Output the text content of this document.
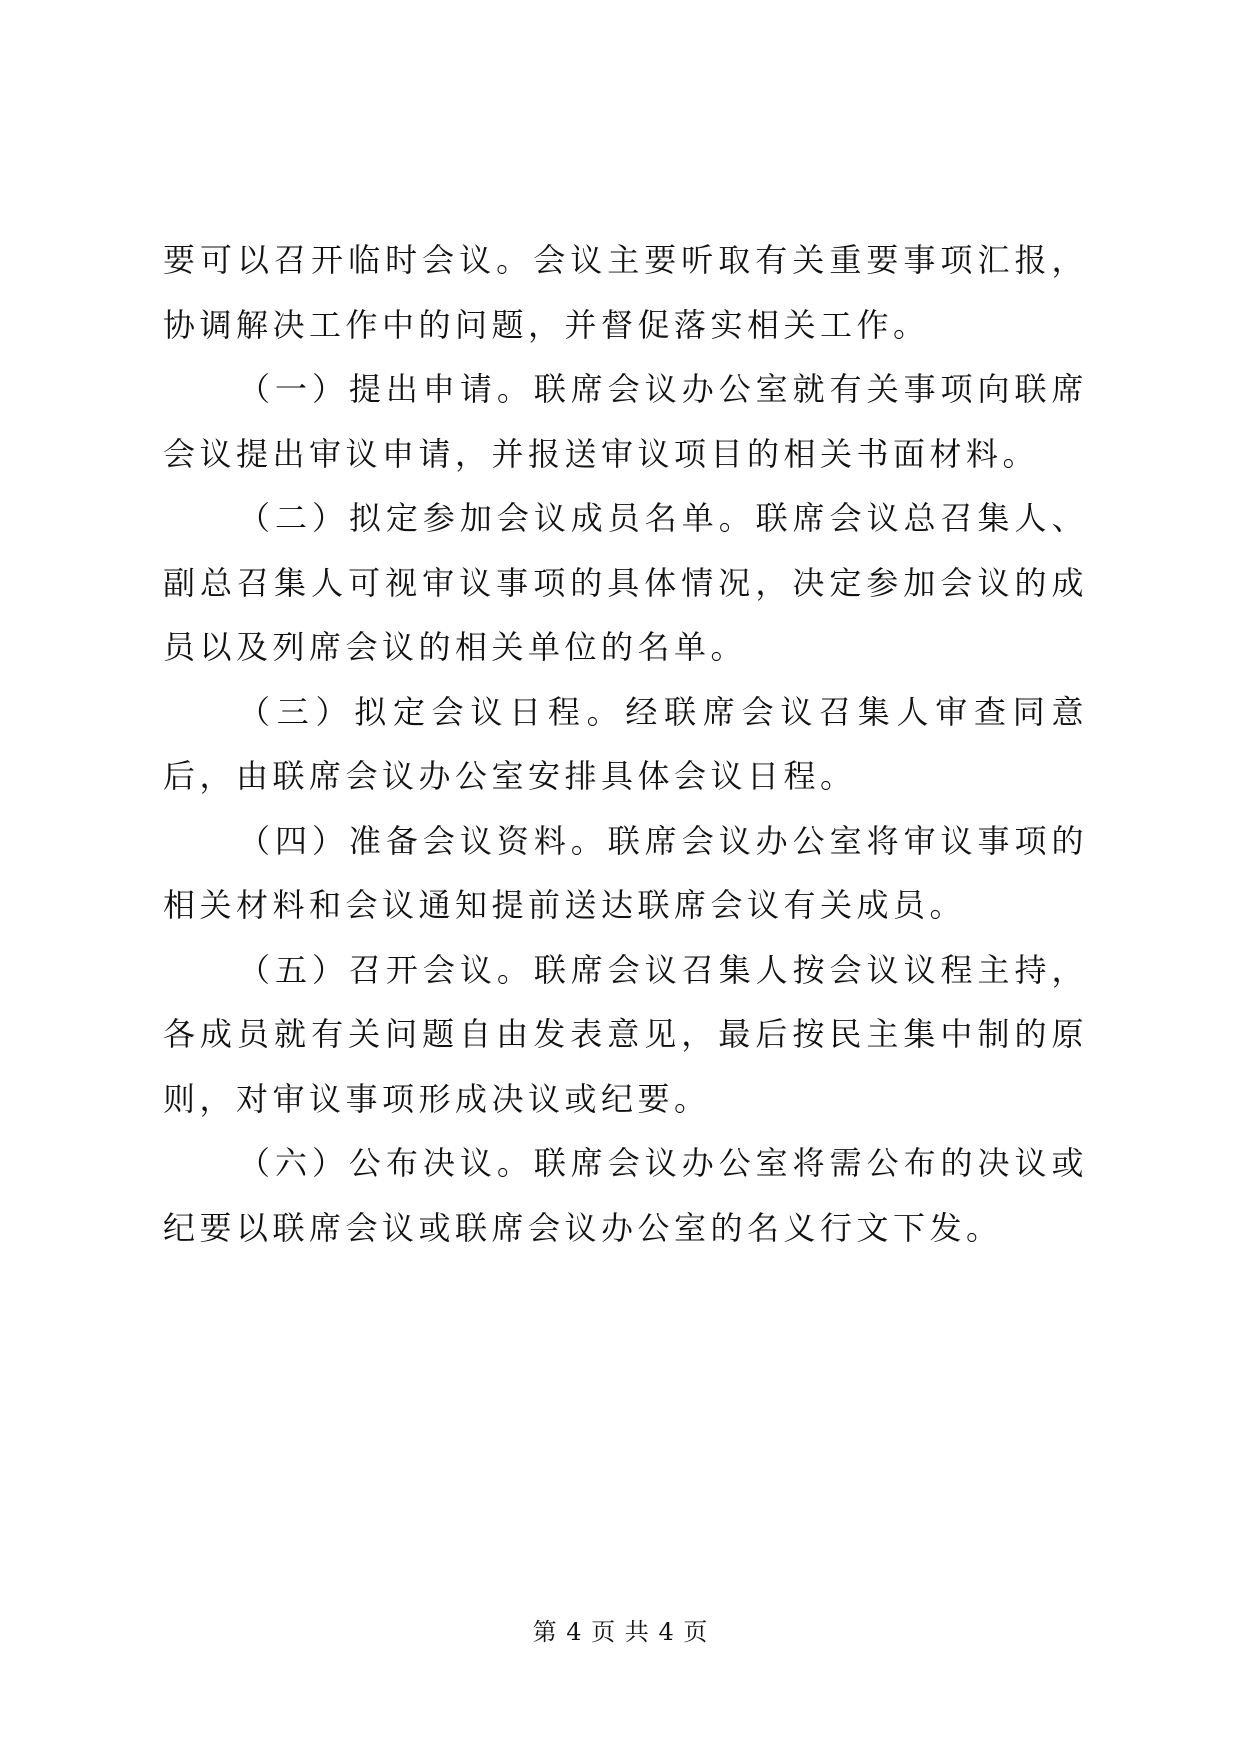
要可以召开临时会议。会议主要听取有关重要事项汇报，协调解决工作中的问题，并督促落实相关工作。

（一）提出申请。联席会议办公室就有关事项向联席会议提出审议申请，并报送审议项目的相关书面材料。

（二）拟定参加会议成员名单。联席会议总召集人、副总召集人可视审议事项的具体情况，决定参加会议的成员以及列席会议的相关单位的名单。

（三）拟定会议日程。经联席会议召集人审查同意后，由联席会议办公室安排具体会议日程。

（四）准备会议资料。联席会议办公室将审议事项的相关材料和会议通知提前送达联席会议有关成员。

（五）召开会议。联席会议召集人按会议议程主持，各成员就有关问题自由发表意见，最后按民主集中制的原则，对审议事项形成决议或纪要。

（六）公布决议。联席会议办公室将需公布的决议或纪要以联席会议或联席会议办公室的名义行文下发。

第 4 页 共 4 页
